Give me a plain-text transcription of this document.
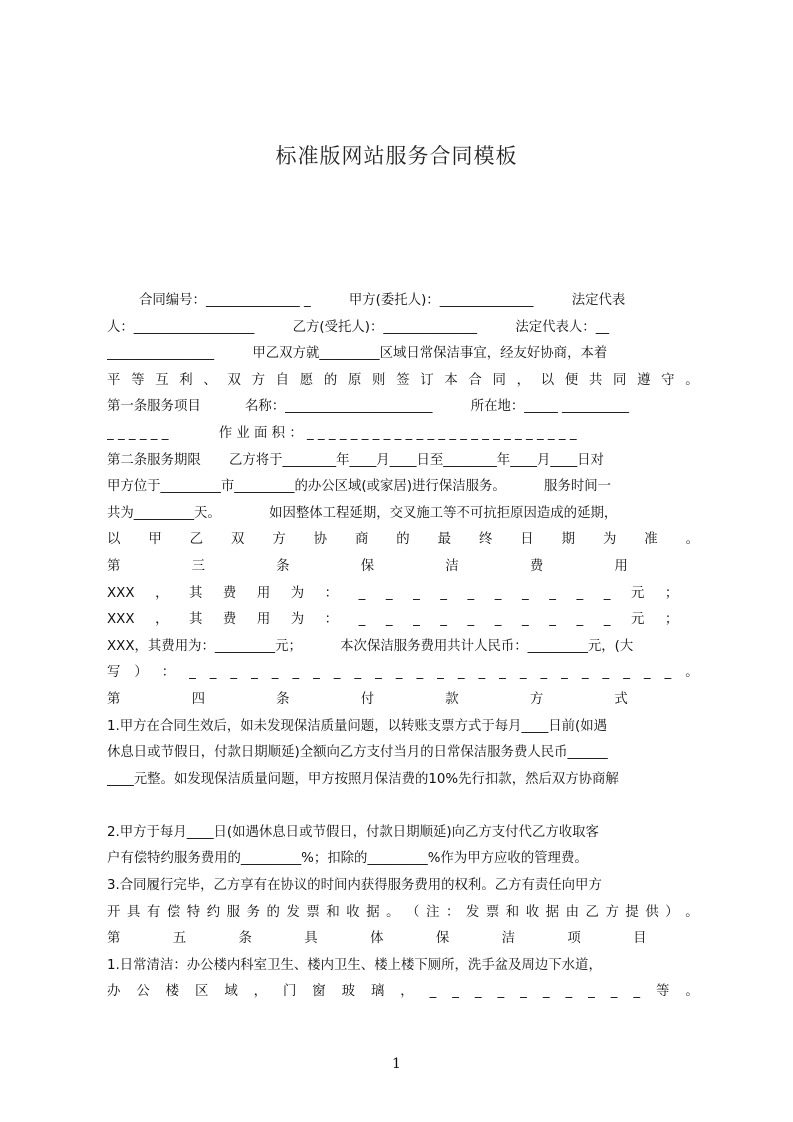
标准版网站服务合同模板
合同编号：______________ _	甲方(委托人)：______________	法定代表
人：__________________	乙方(受托人)：______________	法定代表人：__
________________	甲乙双方就_________区域日常保洁事宜，经友好协商，本着
平 等 互 利 、 双 方 自 愿 的 原 则 签 订 本 合 同 ， 以 便 共 同 遵 守 。
第一条服务项目	名称：______________________	所在地：_____ __________
_ _ _ _ _ _	作 业 面 积 ： _ _ _ _ _ _ _ _ _ _ _ _ _ _ _ _ _ _ _ _ _ _ _ _ _
第二条服务期限 乙方将于________年____月____日至________年____月____日对
甲方位于_________市_________的办公区域(或家居)进行保洁服务。	服务时间一
共为_________天。	如因整体工程延期，交叉施工等不可抗拒原因造成的延期，
以 甲 乙 双 方 协 商 的 最 终 日 期 为 准 。
第	三	条	保	洁	费	用
XXX ， 其 费 用 为 ： _ _ _ _ _ _ _ _ _ _ 元 ；
XXX ， 其 费 用 为 ： _ _ _ _ _ _ _ _ _ _ 元 ；
XXX，其费用为：_________元；	本次保洁服务费用共计人民币：_________元，(大
写 ） ： _ _ _ _ _ _ _ _ _ _ _ _ _ _ _ _ _ _ _ _ _ _ _ _ 。
第	四	条	付	款	方	式
1.甲方在合同生效后，如未发现保洁质量问题，以转账支票方式于每月____日前(如遇
休息日或节假日，付款日期顺延)全额向乙方支付当月的日常保洁服务费人民币______
____元整。如发现保洁质量问题，甲方按照月保洁费的10%先行扣款，然后双方协商解
2.甲方于每月____日(如遇休息日或节假日，付款日期顺延)向乙方支付代乙方收取客
户有偿特约服务费用的_________%；扣除的_________%作为甲方应收的管理费。
3.合同履行完毕，乙方享有在协议的时间内获得服务费用的权利。乙方有责任向甲方
开 具 有 偿 特 约 服 务 的 发 票 和 收 据 。 （ 注 ： 发 票 和 收 据 由 乙 方 提 供 ） 。
第	五	条	具	体	保	洁	项	目
1.日常清洁：办公楼内科室卫生、楼内卫生、楼上楼下厕所，洗手盆及周边下水道，
办 公 楼 区 域 ， 门 窗 玻 璃 ， _ _ _ _ _ _ _ _ _ _ 等 。
1
